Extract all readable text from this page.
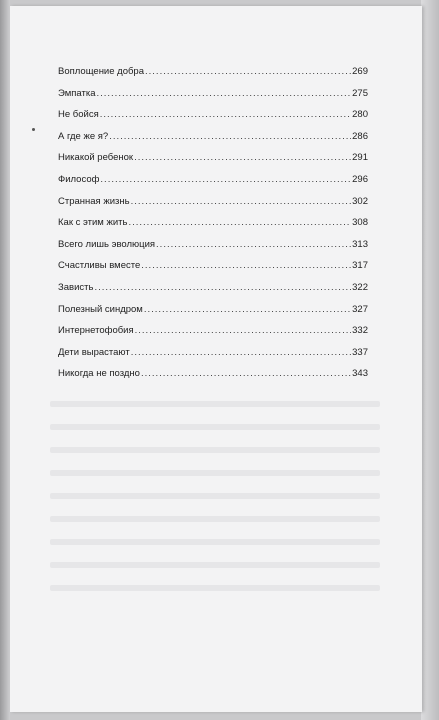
Воплощение добра .....	269
Эмпатка .....	275
Не бойся .....	280
А где же я? .....	286
Никакой ребенок .....	291
Философ .....	296
Странная жизнь .....	302
Как с этим жить .....	308
Всего лишь эволюция .....	313
Счастливы вместе .....	317
Зависть .....	322
Полезный синдром .....	327
Интернетофобия .....	332
Дети вырастают .....	337
Никогда не поздно .....	343
